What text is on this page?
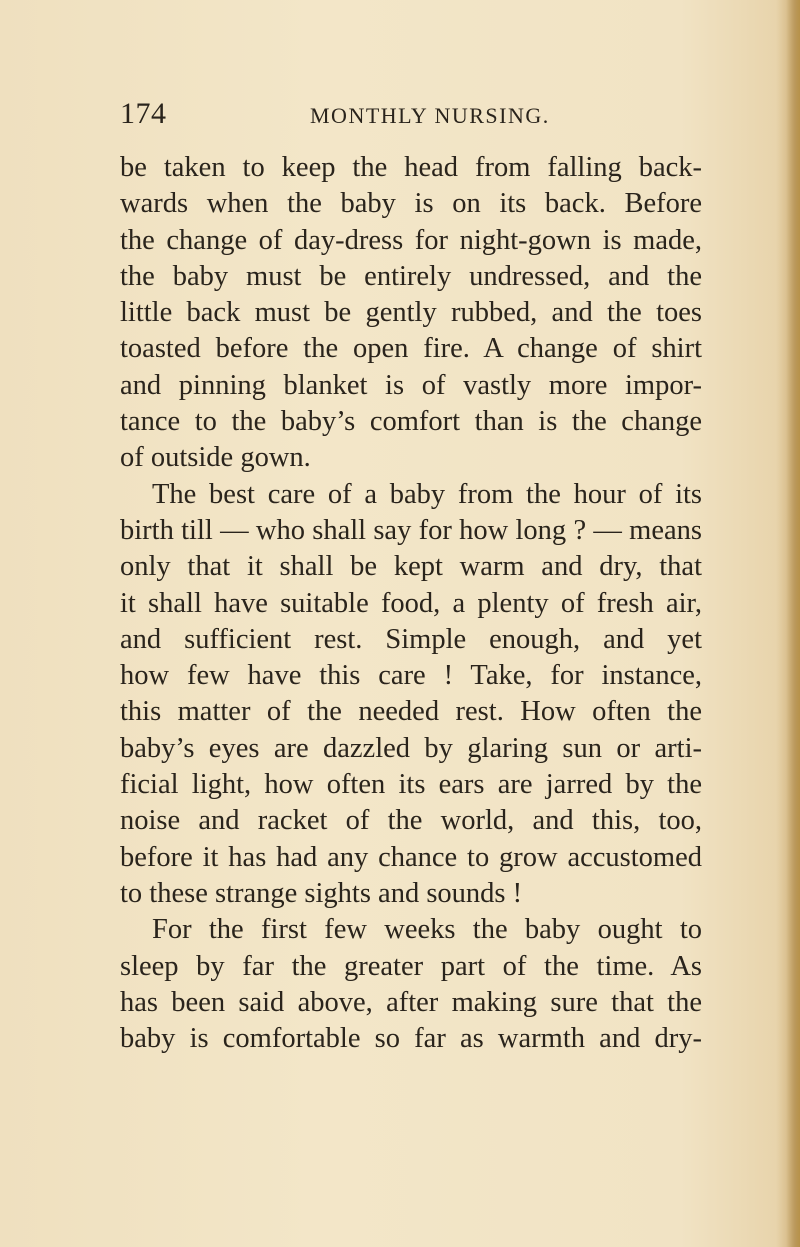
174	MONTHLY NURSING.
be taken to keep the head from falling back-
wards when the baby is on its back. Before
the change of day-dress for night-gown is made,
the baby must be entirely undressed, and the
little back must be gently rubbed, and the toes
toasted before the open fire. A change of shirt
and pinning blanket is of vastly more impor-
tance to the baby’s comfort than is the change
of outside gown.
The best care of a baby from the hour of its
birth till — who shall say for how long ? — means
only that it shall be kept warm and dry, that
it shall have suitable food, a plenty of fresh air,
and sufficient rest. Simple enough, and yet
how few have this care ! Take, for instance,
this matter of the needed rest. How often the
baby’s eyes are dazzled by glaring sun or arti-
ficial light, how often its ears are jarred by the
noise and racket of the world, and this, too,
before it has had any chance to grow accustomed
to these strange sights and sounds !
For the first few weeks the baby ought to
sleep by far the greater part of the time. As
has been said above, after making sure that the
baby is comfortable so far as warmth and dry-
